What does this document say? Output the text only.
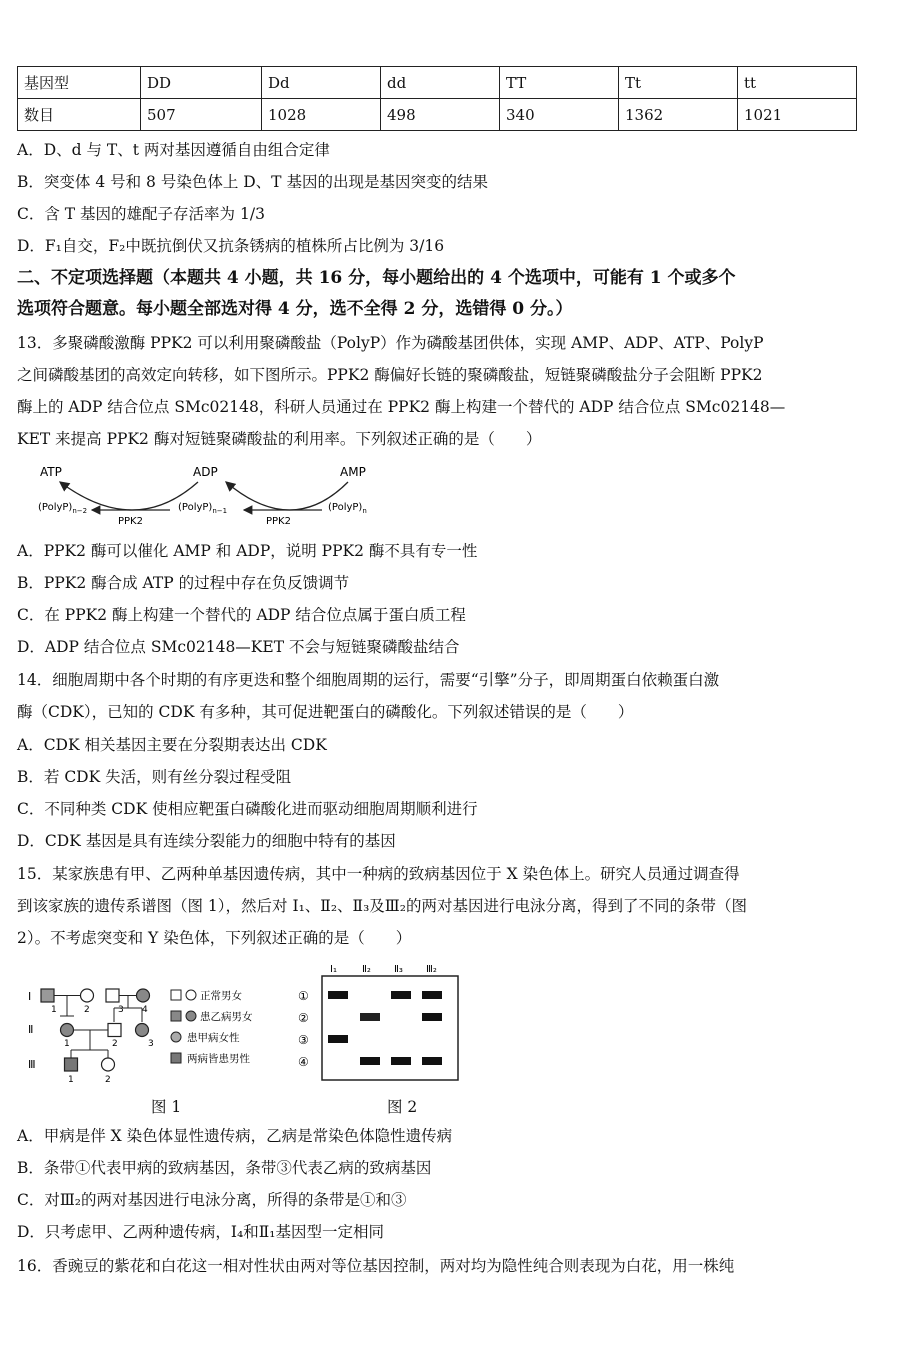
基因型	DD	Dd	dd	TT	Tt	tt
数目	507	1028	498	340	1362	1021
A．D、d 与 T、t 两对基因遵循自由组合定律
B．突变体 4 号和 8 号染色体上 D、T 基因的出现是基因突变的结果
C．含 T 基因的雄配子存活率为 1/3
D．F₁自交，F₂中既抗倒伏又抗条锈病的植株所占比例为 3/16
二、不定项选择题（本题共 4 小题，共 16 分，每小题给出的 4 个选项中，可能有 1 个或多个
选项符合题意。每小题全部选对得 4 分，选不全得 2 分，选错得 0 分。）
13．多聚磷酸激酶 PPK2 可以利用聚磷酸盐（PolyP）作为磷酸基团供体，实现 AMP、ADP、ATP、PolyP
之间磷酸基团的高效定向转移，如下图所示。PPK2 酶偏好长链的聚磷酸盐，短链聚磷酸盐分子会阻断 PPK2
酶上的 ADP 结合位点 SMc02148，科研人员通过在 PPK2 酶上构建一个替代的 ADP 结合位点 SMc02148—
KET 来提高 PPK2 酶对短链聚磷酸盐的利用率。下列叙述正确的是（　　）
ATP	ADP	AMP
$(PolyP)_{n-2}$	$(PolyP)_{n-1}$	$(PolyP)_n$
PPK2	PPK2
A．PPK2 酶可以催化 AMP 和 ADP，说明 PPK2 酶不具有专一性
B．PPK2 酶合成 ATP 的过程中存在负反馈调节
C．在 PPK2 酶上构建一个替代的 ADP 结合位点属于蛋白质工程
D．ADP 结合位点 SMc02148—KET 不会与短链聚磷酸盐结合
14．细胞周期中各个时期的有序更迭和整个细胞周期的运行，需要“引擎”分子，即周期蛋白依赖蛋白激
酶（CDK），已知的 CDK 有多种，其可促进靶蛋白的磷酸化。下列叙述错误的是（　　）
A．CDK 相关基因主要在分裂期表达出 CDK
B．若 CDK 失活，则有丝分裂过程受阻
C．不同种类 CDK 使相应靶蛋白磷酸化进而驱动细胞周期顺利进行
D．CDK 基因是具有连续分裂能力的细胞中特有的基因
15．某家族患有甲、乙两种单基因遗传病，其中一种病的致病基因位于 X 染色体上。研究人员通过调查得
到该家族的遗传系谱图（图 1），然后对 Ⅰ₁、Ⅱ₂、Ⅱ₃及Ⅲ₂的两对基因进行电泳分离，得到了不同的条带（图
2）。不考虑突变和 Y 染色体，下列叙述正确的是（　　）
Ⅰ
Ⅱ
Ⅲ
1	2	3 4
1	2	3
1	2
正常男女
患乙病男女
患甲病女性
两病皆患男性
Ⅰ₁	Ⅱ₂ Ⅱ₃ Ⅲ₂
①
②
③
④
图 1	图 2
A．甲病是伴 X 染色体显性遗传病，乙病是常染色体隐性遗传病
B．条带①代表甲病的致病基因，条带③代表乙病的致病基因
C．对Ⅲ₂的两对基因进行电泳分离，所得的条带是①和③
D．只考虑甲、乙两种遗传病，Ⅰ₄和Ⅱ₁基因型一定相同
16．香豌豆的紫花和白花这一相对性状由两对等位基因控制，两对均为隐性纯合则表现为白花，用一株纯
